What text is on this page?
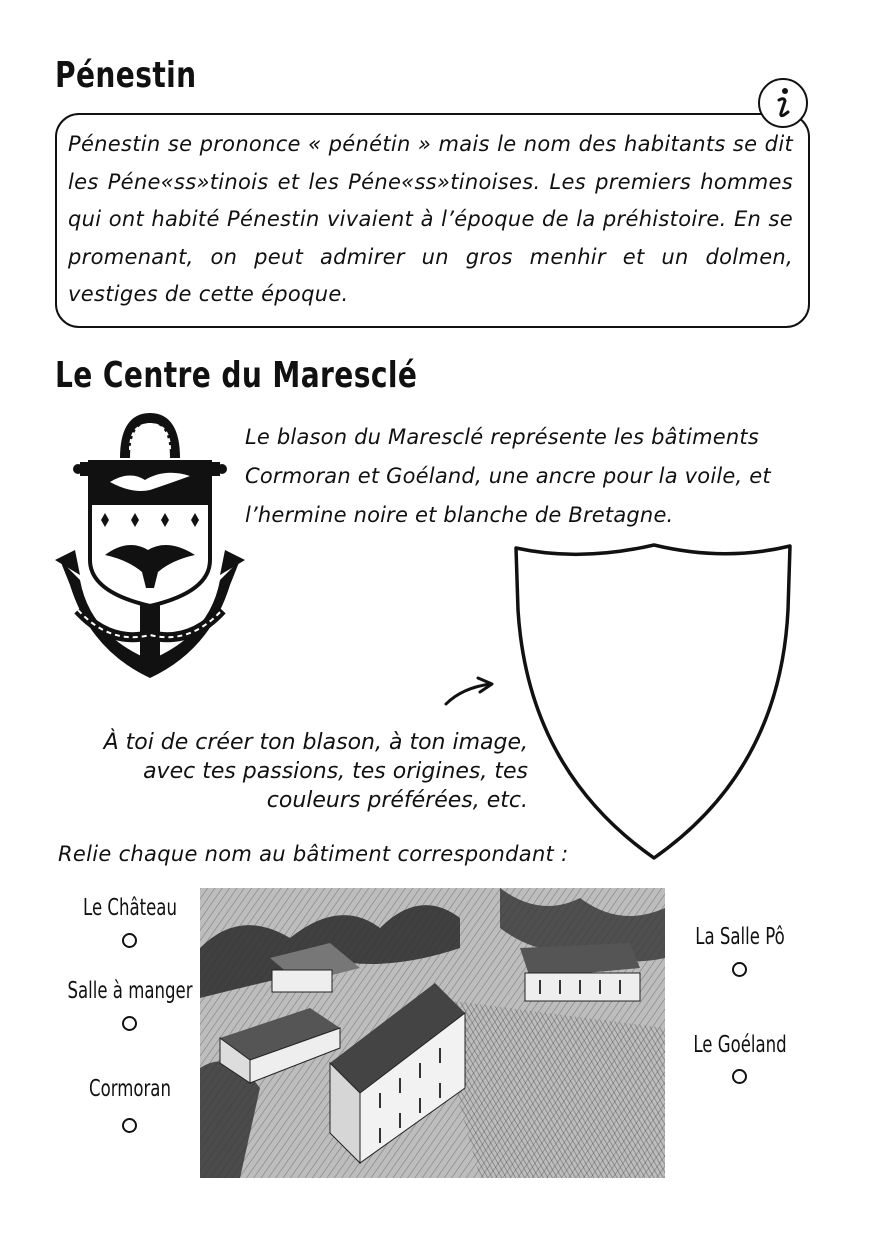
Pénestin

Pénestin se prononce « pénétin » mais le nom des habitants se dit les Péne«ss»tinois et les Péne«ss»tinoises. Les premiers hommes qui ont habité Pénestin vivaient à l’époque de la préhistoire. En se promenant, on peut admirer un gros menhir et un dolmen, vestiges de cette époque.

Le Centre du Maresclé

Le blason du Maresclé représente les bâtiments Cormoran et Goéland, une ancre pour la voile, et l’hermine noire et blanche de Bretagne.

À toi de créer ton blason, à ton image,
avec tes passions, tes origines, tes
couleurs préférées, etc.

Relie chaque nom au bâtiment correspondant :

Le Château

Salle à manger

Cormoran

La Salle Pô

Le Goéland
